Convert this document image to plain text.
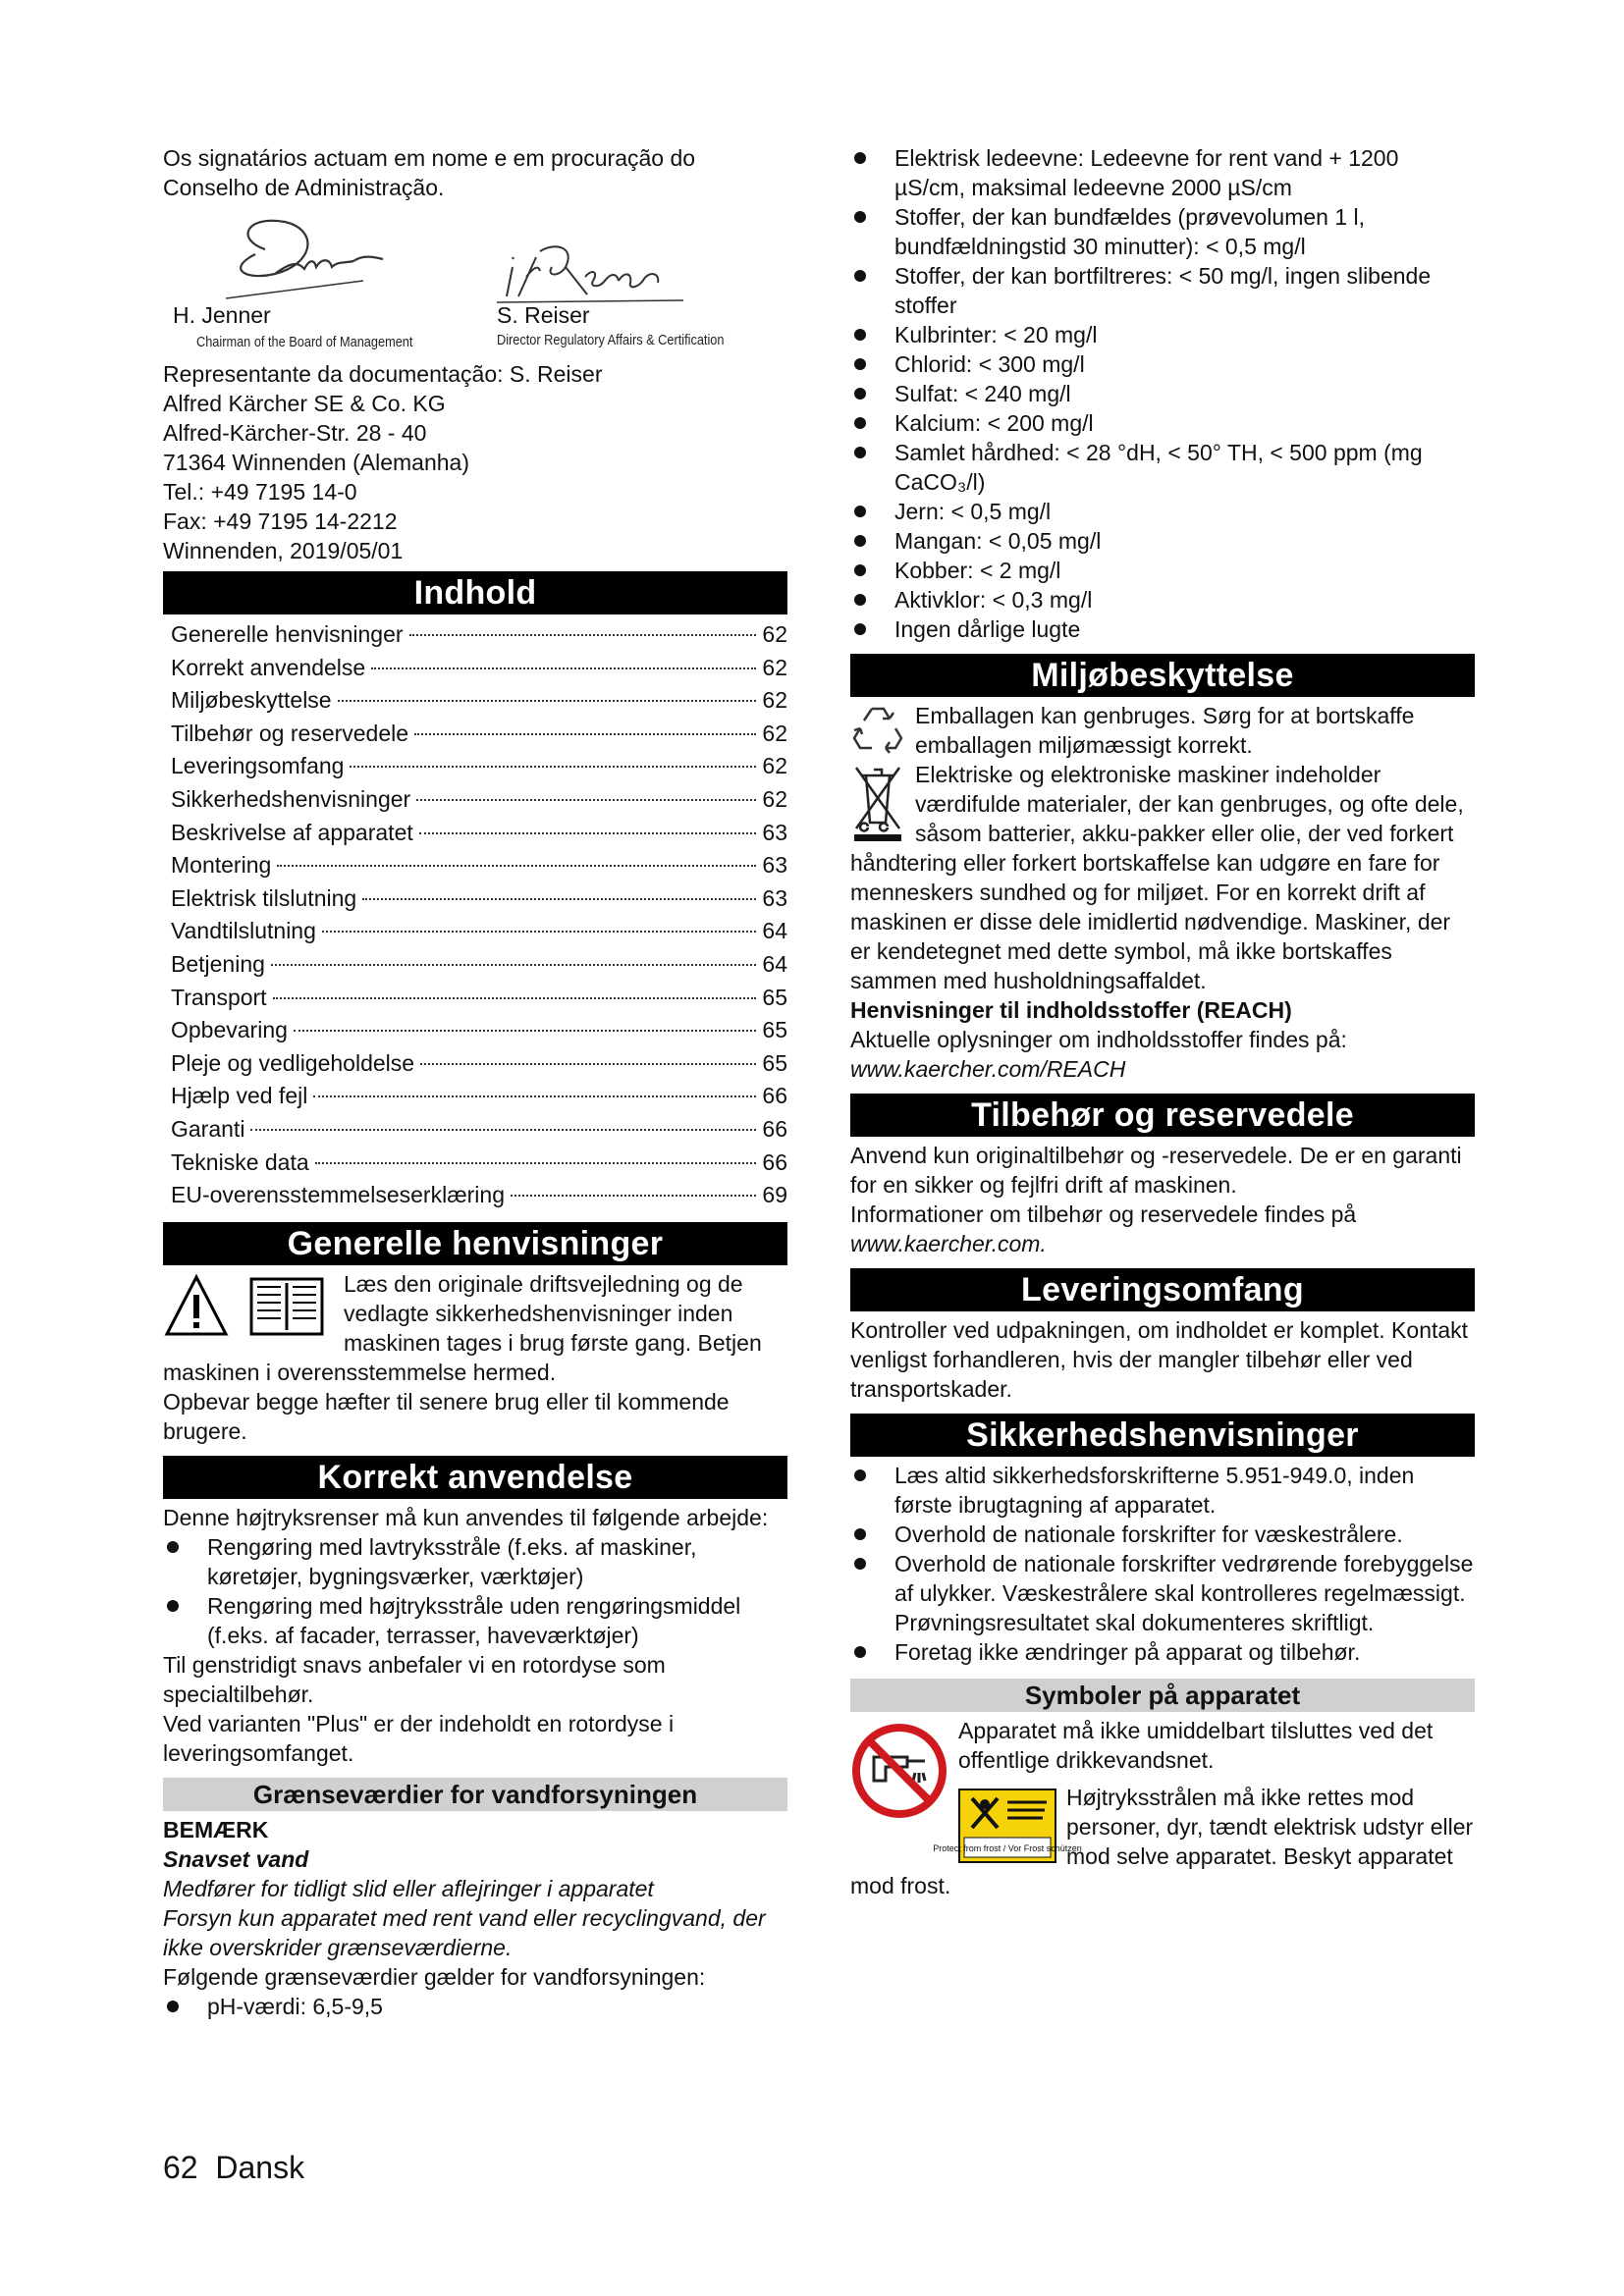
Os signatários actuam em nome e em procuração do Conselho de Administração.

H. Jenner
Chairman of the Board of Management
S. Reiser
Director Regulatory Affairs & Certification

Representante da documentação: S. Reiser

Alfred Kärcher SE & Co. KG

Alfred-Kärcher-Str. 28 - 40

71364 Winnenden (Alemanha)

Tel.: +49 7195 14-0

Fax: +49 7195 14-2212

Winnenden, 2019/05/01

Indhold
Generelle henvisninger	62
Korrekt anvendelse	62
Miljøbeskyttelse	62
Tilbehør og reservedele	62
Leveringsomfang	62
Sikkerhedshenvisninger	62
Beskrivelse af apparatet	63
Montering	63
Elektrisk tilslutning	63
Vandtilslutning	64
Betjening	64
Transport	65
Opbevaring	65
Pleje og vedligeholdelse	65
Hjælp ved fejl	66
Garanti	66
Tekniske data	66
EU-overensstemmelseserklæring	69
Generelle henvisninger

Læs den originale driftsvejledning og de vedlagte sikkerhedshenvisninger inden maskinen tages i brug første gang. Betjen maskinen i overensstemmelse hermed.

Opbevar begge hæfter til senere brug eller til kommende brugere.

Korrekt anvendelse

Denne højtryksrenser må kun anvendes til følgende arbejde:

Rengøring med lavtryksstråle (f.eks. af maskiner, køretøjer, bygningsværker, værktøjer)
Rengøring med højtryksstråle uden rengøringsmiddel (f.eks. af facader, terrasser, haveværktøjer)

Til genstridigt snavs anbefaler vi en rotordyse som specialtilbehør.

Ved varianten "Plus" er der indeholdt en rotordyse i leveringsomfanget.

Grænseværdier for vandforsyningen

BEMÆRK

Snavset vand

Medfører for tidligt slid eller aflejringer i apparatet

Forsyn kun apparatet med rent vand eller recyclingvand, der ikke overskrider grænseværdierne.

Følgende grænseværdier gælder for vandforsyningen:

pH-værdi: 6,5-9,5
Elektrisk ledeevne: Ledeevne for rent vand + 1200 µS/cm, maksimal ledeevne 2000 µS/cm
Stoffer, der kan bundfældes (prøvevolumen 1 l, bundfældningstid 30 minutter): < 0,5 mg/l
Stoffer, der kan bortfiltreres: < 50 mg/l, ingen slibende stoffer
Kulbrinter: < 20 mg/l
Chlorid: < 300 mg/l
Sulfat: < 240 mg/l
Kalcium: < 200 mg/l
Samlet hårdhed: < 28 °dH, < 50° TH, < 500 ppm (mg CaCO₃/l)
Jern: < 0,5 mg/l
Mangan: < 0,05 mg/l
Kobber: < 2 mg/l
Aktivklor: < 0,3 mg/l
Ingen dårlige lugte
Miljøbeskyttelse

Emballagen kan genbruges. Sørg for at bortskaffe emballagen miljømæssigt korrekt.

Elektriske og elektroniske maskiner indeholder værdifulde materialer, der kan genbruges, og ofte dele, såsom batterier, akku-pakker eller olie, der ved forkert håndtering eller forkert bortskaffelse kan udgøre en fare for menneskers sundhed og for miljøet. For en korrekt drift af maskinen er disse dele imidlertid nødvendige. Maskiner, der er kendetegnet med dette symbol, må ikke bortskaffes sammen med husholdningsaffaldet.

Henvisninger til indholdsstoffer (REACH)

Aktuelle oplysninger om indholdsstoffer findes på:

www.kaercher.com/REACH

Tilbehør og reservedele

Anvend kun originaltilbehør og -reservedele. De er en garanti for en sikker og fejlfri drift af maskinen.

Informationer om tilbehør og reservedele findes på

www.kaercher.com.

Leveringsomfang

Kontroller ved udpakningen, om indholdet er komplet. Kontakt venligst forhandleren, hvis der mangler tilbehør eller ved transportskader.

Sikkerhedshenvisninger
Læs altid sikkerhedsforskrifterne 5.951-949.0, inden første ibrugtagning af apparatet.
Overhold de nationale forskrifter for væskestrålere.
Overhold de nationale forskrifter vedrørende forebyggelse af ulykker. Væskestrålere skal kontrolleres regelmæssigt. Prøvningsresultatet skal dokumenteres skriftligt.
Foretag ikke ændringer på apparat og tilbehør.
Symboler på apparatet

Apparatet må ikke umiddelbart tilsluttes ved det offentlige drikkevandsnet.

Protect from frost / Vor Frost schützen

Højtryksstrålen må ikke rettes mod personer, dyr, tændt elektrisk udstyr eller mod selve apparatet. Beskyt apparatet mod frost.

62 Dansk
